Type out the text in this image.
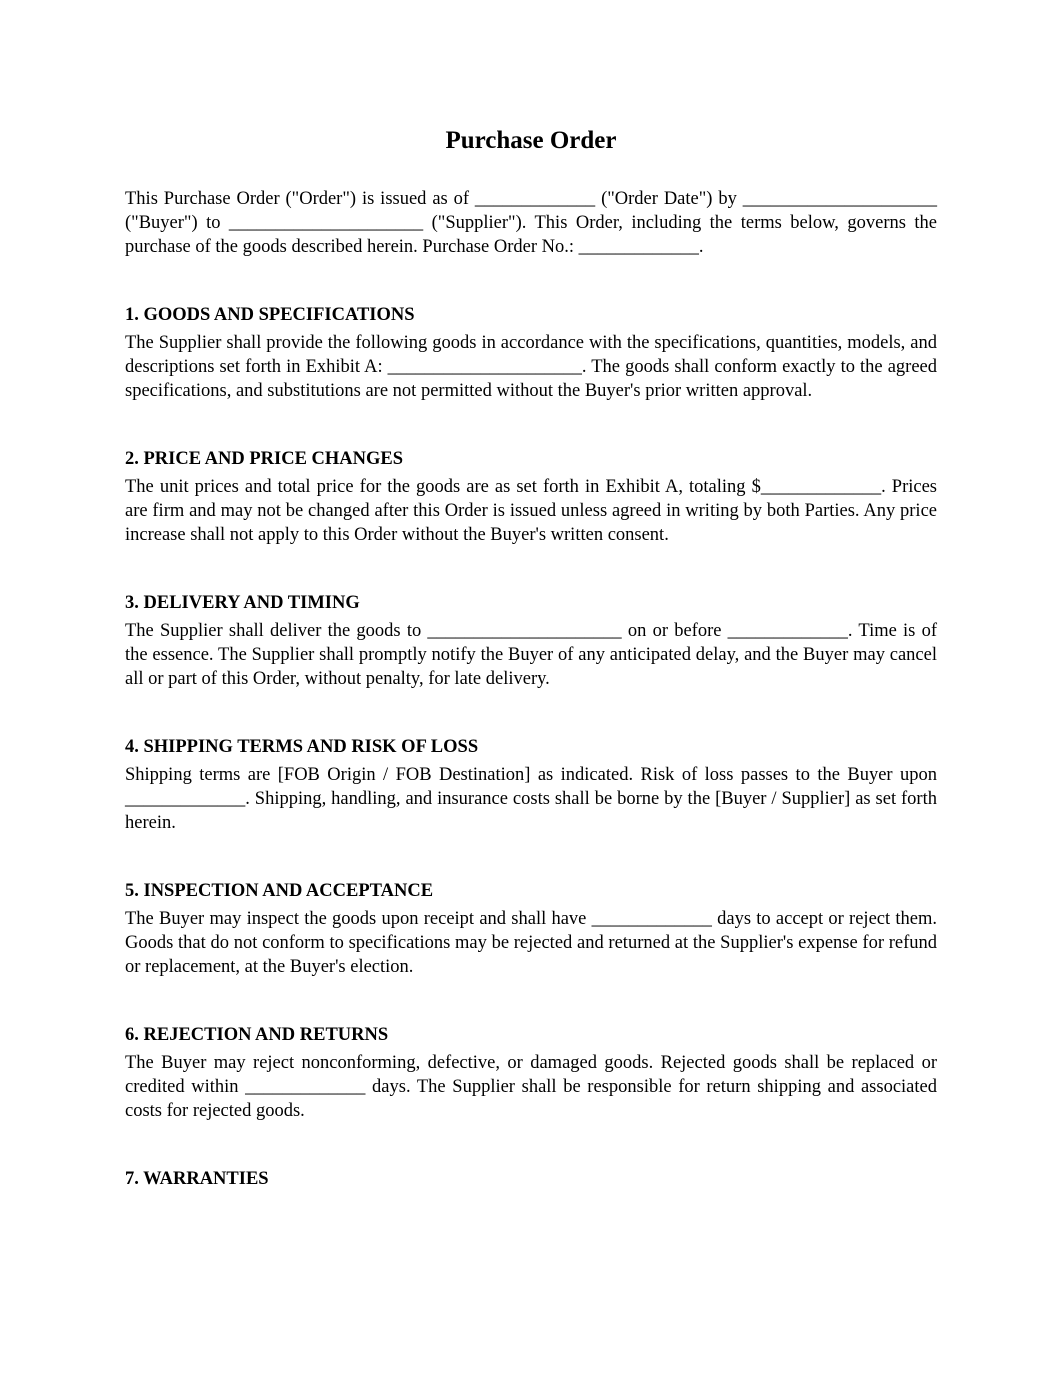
Purchase Order

This Purchase Order ("Order") is issued as of _____________ ("Order Date") by _____________________ ("Buyer") to _____________________ ("Supplier"). This Order, including the terms below, governs the purchase of the goods described herein. Purchase Order No.: _____________.

1. GOODS AND SPECIFICATIONS

The Supplier shall provide the following goods in accordance with the specifications, quantities, models, and descriptions set forth in Exhibit A: _____________________. The goods shall conform exactly to the agreed specifications, and substitutions are not permitted without the Buyer's prior written approval.

2. PRICE AND PRICE CHANGES

The unit prices and total price for the goods are as set forth in Exhibit A, totaling $_____________. Prices are firm and may not be changed after this Order is issued unless agreed in writing by both Parties. Any price increase shall not apply to this Order without the Buyer's written consent.

3. DELIVERY AND TIMING

The Supplier shall deliver the goods to _____________________ on or before _____________. Time is of the essence. The Supplier shall promptly notify the Buyer of any anticipated delay, and the Buyer may cancel all or part of this Order, without penalty, for late delivery.

4. SHIPPING TERMS AND RISK OF LOSS

Shipping terms are [FOB Origin / FOB Destination] as indicated. Risk of loss passes to the Buyer upon _____________. Shipping, handling, and insurance costs shall be borne by the [Buyer / Supplier] as set forth herein.

5. INSPECTION AND ACCEPTANCE

The Buyer may inspect the goods upon receipt and shall have _____________ days to accept or reject them. Goods that do not conform to specifications may be rejected and returned at the Supplier's expense for refund or replacement, at the Buyer's election.

6. REJECTION AND RETURNS

The Buyer may reject nonconforming, defective, or damaged goods. Rejected goods shall be replaced or credited within _____________ days. The Supplier shall be responsible for return shipping and associated costs for rejected goods.

7. WARRANTIES
